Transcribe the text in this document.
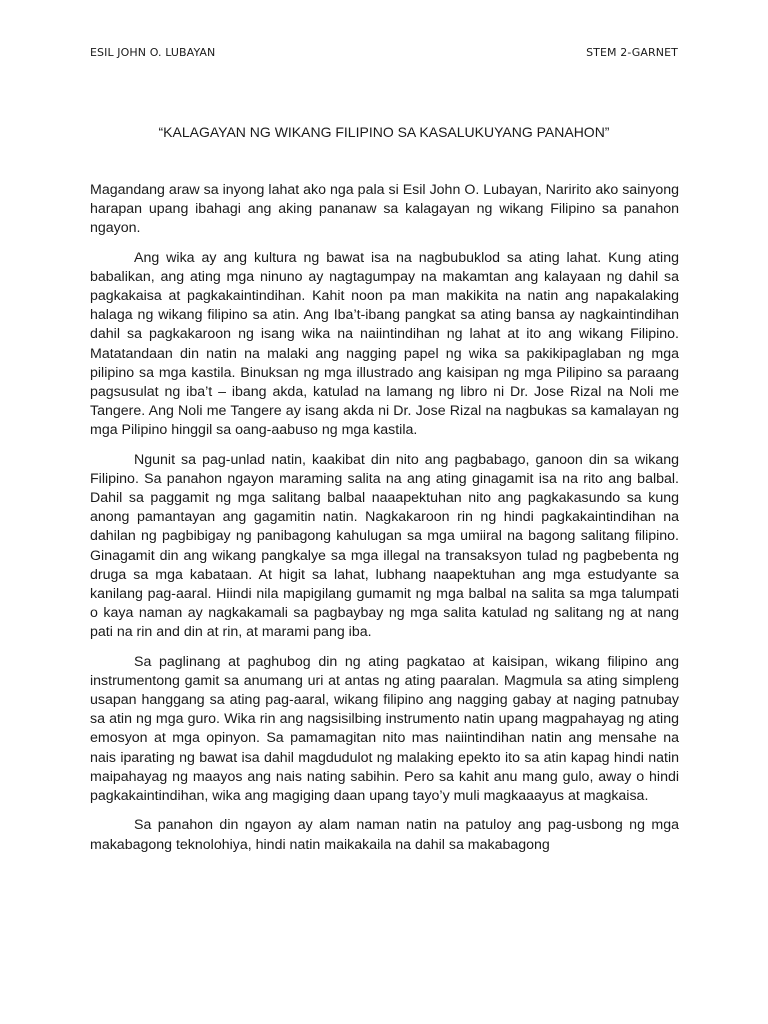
ESIL JOHN O. LUBAYAN	STEM 2-GARNET
“KALAGAYAN NG WIKANG FILIPINO SA KASALUKUYANG PANAHON”

Magandang araw sa inyong lahat ako nga pala si Esil John O. Lubayan, Naririto ako sainyong harapan upang ibahagi ang aking pananaw sa kalagayan ng wikang Filipino sa panahon ngayon.

Ang wika ay ang kultura ng bawat isa na nagbubuklod sa ating lahat. Kung ating babalikan, ang ating mga ninuno ay nagtagumpay na makamtan ang kalayaan ng dahil sa pagkakaisa at pagkakaintindihan. Kahit noon pa man makikita na natin ang napakalaking halaga ng wikang filipino sa atin. Ang Iba’t-ibang pangkat sa ating bansa ay nagkaintindihan dahil sa pagkakaroon ng isang wika na naiintindihan ng lahat at ito ang wikang Filipino. Matatandaan din natin na malaki ang nagging papel ng wika sa pakikipaglaban ng mga pilipino sa mga kastila. Binuksan ng mga illustrado ang kaisipan ng mga Pilipino sa paraang pagsusulat ng iba’t – ibang akda, katulad na lamang ng libro ni Dr. Jose Rizal na Noli me Tangere. Ang Noli me Tangere ay isang akda ni Dr. Jose Rizal na nagbukas sa kamalayan ng mga Pilipino hinggil sa oang-aabuso ng mga kastila.

Ngunit sa pag-unlad natin, kaakibat din nito ang pagbabago, ganoon din sa wikang Filipino. Sa panahon ngayon maraming salita na ang ating ginagamit isa na rito ang balbal. Dahil sa paggamit ng mga salitang balbal naaapektuhan nito ang pagkakasundo sa kung anong pamantayan ang gagamitin natin. Nagkakaroon rin ng hindi pagkakaintindihan na dahilan ng pagbibigay ng panibagong kahulugan sa mga umiiral na bagong salitang filipino. Ginagamit din ang wikang pangkalye sa mga illegal na transaksyon tulad ng pagbebenta ng druga sa mga kabataan. At higit sa lahat, lubhang naapektuhan ang mga estudyante sa kanilang pag-aaral. Hiindi nila mapigilang gumamit ng mga balbal na salita sa mga talumpati o kaya naman ay nagkakamali sa pagbaybay ng mga salita katulad ng salitang ng at nang pati na rin and din at rin, at marami pang iba.

Sa paglinang at paghubog din ng ating pagkatao at kaisipan, wikang filipino ang instrumentong gamit sa anumang uri at antas ng ating paaralan. Magmula sa ating simpleng usapan hanggang sa ating pag-aaral, wikang filipino ang nagging gabay at naging patnubay sa atin ng mga guro. Wika rin ang nagsisilbing instrumento natin upang magpahayag ng ating emosyon at mga opinyon. Sa pamamagitan nito mas naiintindihan natin ang mensahe na nais iparating ng bawat isa dahil magdudulot ng malaking epekto ito sa atin kapag hindi natin maipahayag ng maayos ang nais nating sabihin. Pero sa kahit anu mang gulo, away o hindi pagkakaintindihan, wika ang magiging daan upang tayo’y muli magkaaayus at magkaisa.

Sa panahon din ngayon ay alam naman natin na patuloy ang pag-usbong ng mga makabagong teknolohiya, hindi natin maikakaila na dahil sa makabagong
